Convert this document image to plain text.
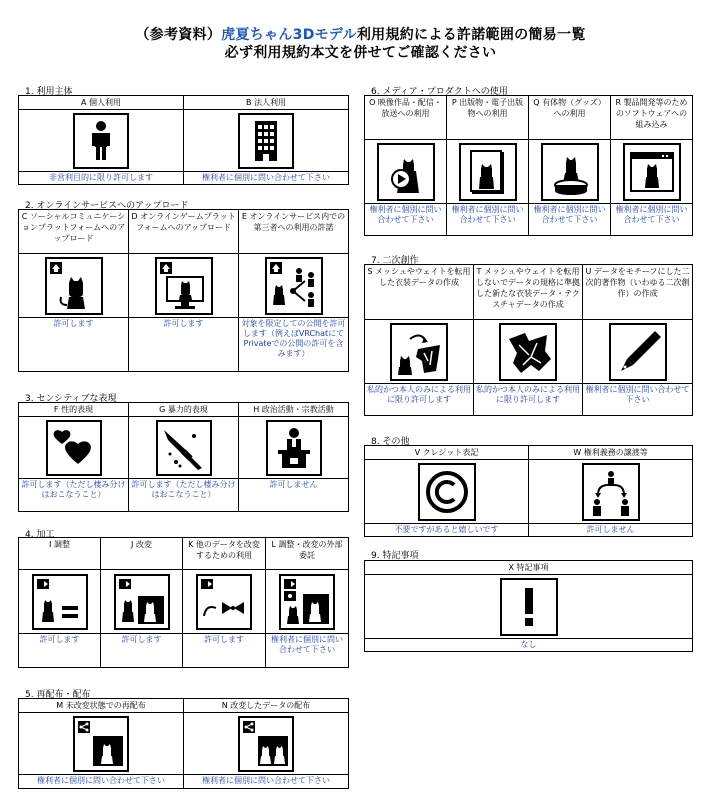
（参考資料）虎夏ちゃん3Dモデル利用規約による許諾範囲の簡易一覧
必ず利用規約本文を併せてご確認ください
1. 利用主体
A 個人利用	B 法人利用

非営利目的に限り許可します	権利者に個別に問い合わせて下さい
2. オンラインサービスへのアップロード
C ソーシャルコミュニケーションプラットフォームへのアップロード	D オンラインゲームプラットフォームへのアップロード	E オンラインサービス内での第三者への利用の許諾

許可します	許可します	対象を限定しての公開を許可します（例えばVRChatにてPrivateでの公開の許可を含みます）
3. センシティブな表現
F 性的表現	G 暴力的表現	H 政治活動・宗教活動

許可します（ただし棲み分けはおこなうこと）	許可します（ただし棲み分けはおこなうこと）	許可しません
4. 加工
I 調整	J 改変	K 他のデータを改変するための利用	L 調整・改変の外部委託

許可します	許可します	許可します	権利者に個別に問い合わせて下さい
5. 再配布・配布
M 未改変状態での再配布	N 改変したデータの配布

権利者に個別に問い合わせて下さい	権利者に個別に問い合わせて下さい
6. メディア・プロダクトへの使用
O 映像作品・配信・放送への利用	P 出版物・電子出版物への利用	Q 有体物（グッズ）への利用	R 製品開発等のためのソフトウェアへの組み込み

権利者に個別に問い合わせて下さい	権利者に個別に問い合わせて下さい	権利者に個別に問い合わせて下さい	権利者に個別に問い合わせて下さい
7. 二次創作
S メッシュやウェイトを転用した衣装データの作成	T メッシュやウェイトを転用しないでデータの規格に準拠した新たな衣装データ・テクスチャデータの作成	U データをモチーフにした二次的著作物（いわゆる二次創作）の作成

私的かつ本人のみによる利用に限り許可します	私的かつ本人のみによる利用に限り許可します	権利者に個別に問い合わせて下さい
8. その他
V クレジット表記	W 権利義務の譲渡等

不要ですがあると嬉しいです	許可しません
9. 特記事項
X 特記事項

なし
